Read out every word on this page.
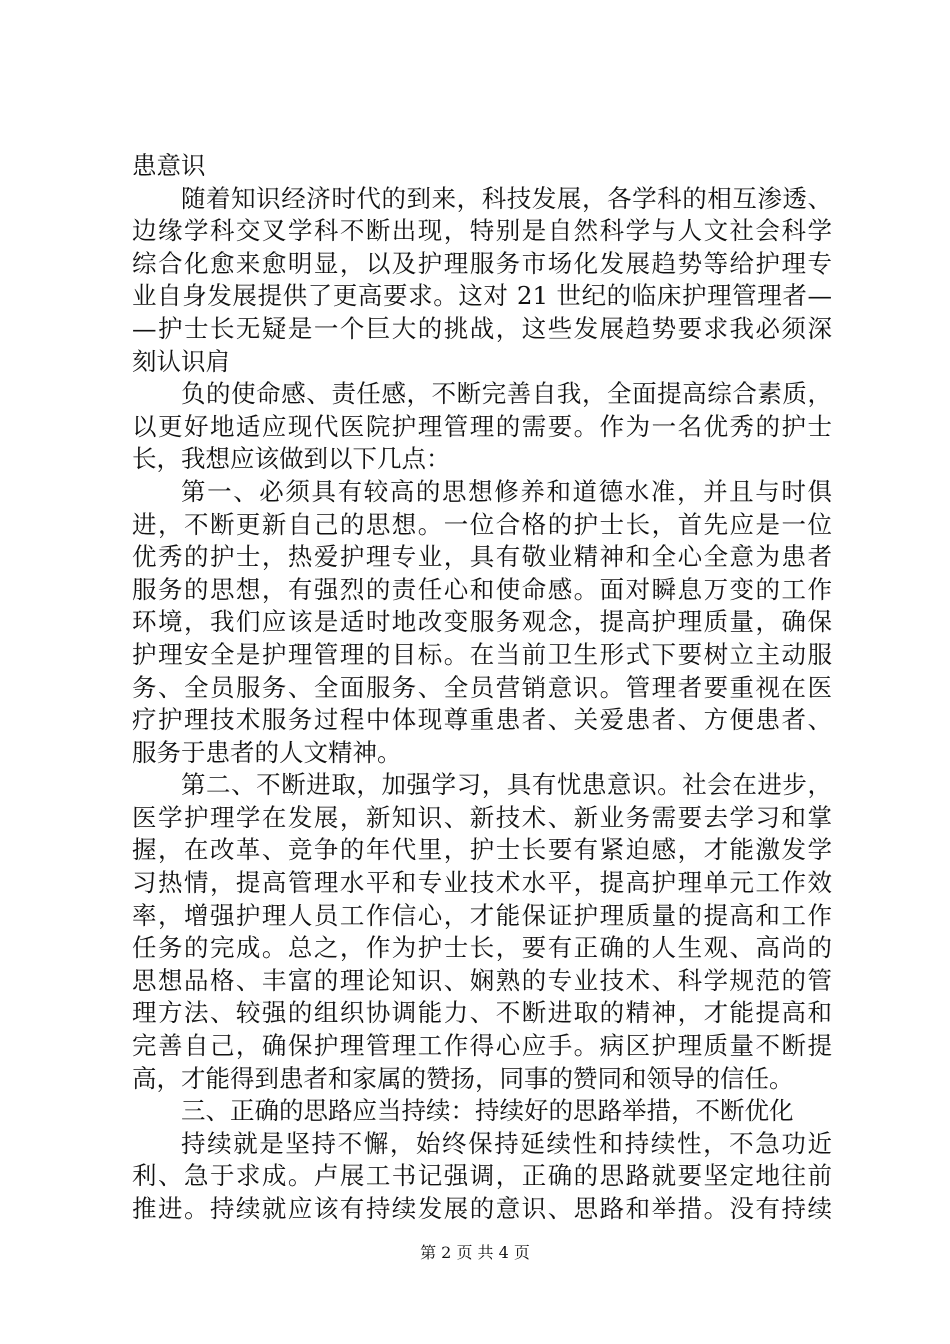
患意识
随着知识经济时代的到来，科技发展，各学科的相互渗透、
边缘学科交叉学科不断出现，特别是自然科学与人文社会科学
综合化愈来愈明显，以及护理服务市场化发展趋势等给护理专
业自身发展提供了更高要求。这对 21 世纪的临床护理管理者—
—护士长无疑是一个巨大的挑战，这些发展趋势要求我必须深
刻认识肩
负的使命感、责任感，不断完善自我，全面提高综合素质，
以更好地适应现代医院护理管理的需要。作为一名优秀的护士
长，我想应该做到以下几点：
第一、必须具有较高的思想修养和道德水准，并且与时俱
进，不断更新自己的思想。一位合格的护士长，首先应是一位
优秀的护士，热爱护理专业，具有敬业精神和全心全意为患者
服务的思想，有强烈的责任心和使命感。面对瞬息万变的工作
环境，我们应该是适时地改变服务观念，提高护理质量，确保
护理安全是护理管理的目标。在当前卫生形式下要树立主动服
务、全员服务、全面服务、全员营销意识。管理者要重视在医
疗护理技术服务过程中体现尊重患者、关爱患者、方便患者、
服务于患者的人文精神。
第二、不断进取，加强学习，具有忧患意识。社会在进步，
医学护理学在发展，新知识、新技术、新业务需要去学习和掌
握，在改革、竞争的年代里，护士长要有紧迫感，才能激发学
习热情，提高管理水平和专业技术水平，提高护理单元工作效
率，增强护理人员工作信心，才能保证护理质量的提高和工作
任务的完成。总之，作为护士长，要有正确的人生观、高尚的
思想品格、丰富的理论知识、娴熟的专业技术、科学规范的管
理方法、较强的组织协调能力、不断进取的精神，才能提高和
完善自己，确保护理管理工作得心应手。病区护理质量不断提
高，才能得到患者和家属的赞扬，同事的赞同和领导的信任。
三、正确的思路应当持续：持续好的思路举措，不断优化
持续就是坚持不懈，始终保持延续性和持续性，不急功近
利、急于求成。卢展工书记强调，正确的思路就要坚定地往前
推进。持续就应该有持续发展的意识、思路和举措。没有持续
第 2 页 共 4 页
